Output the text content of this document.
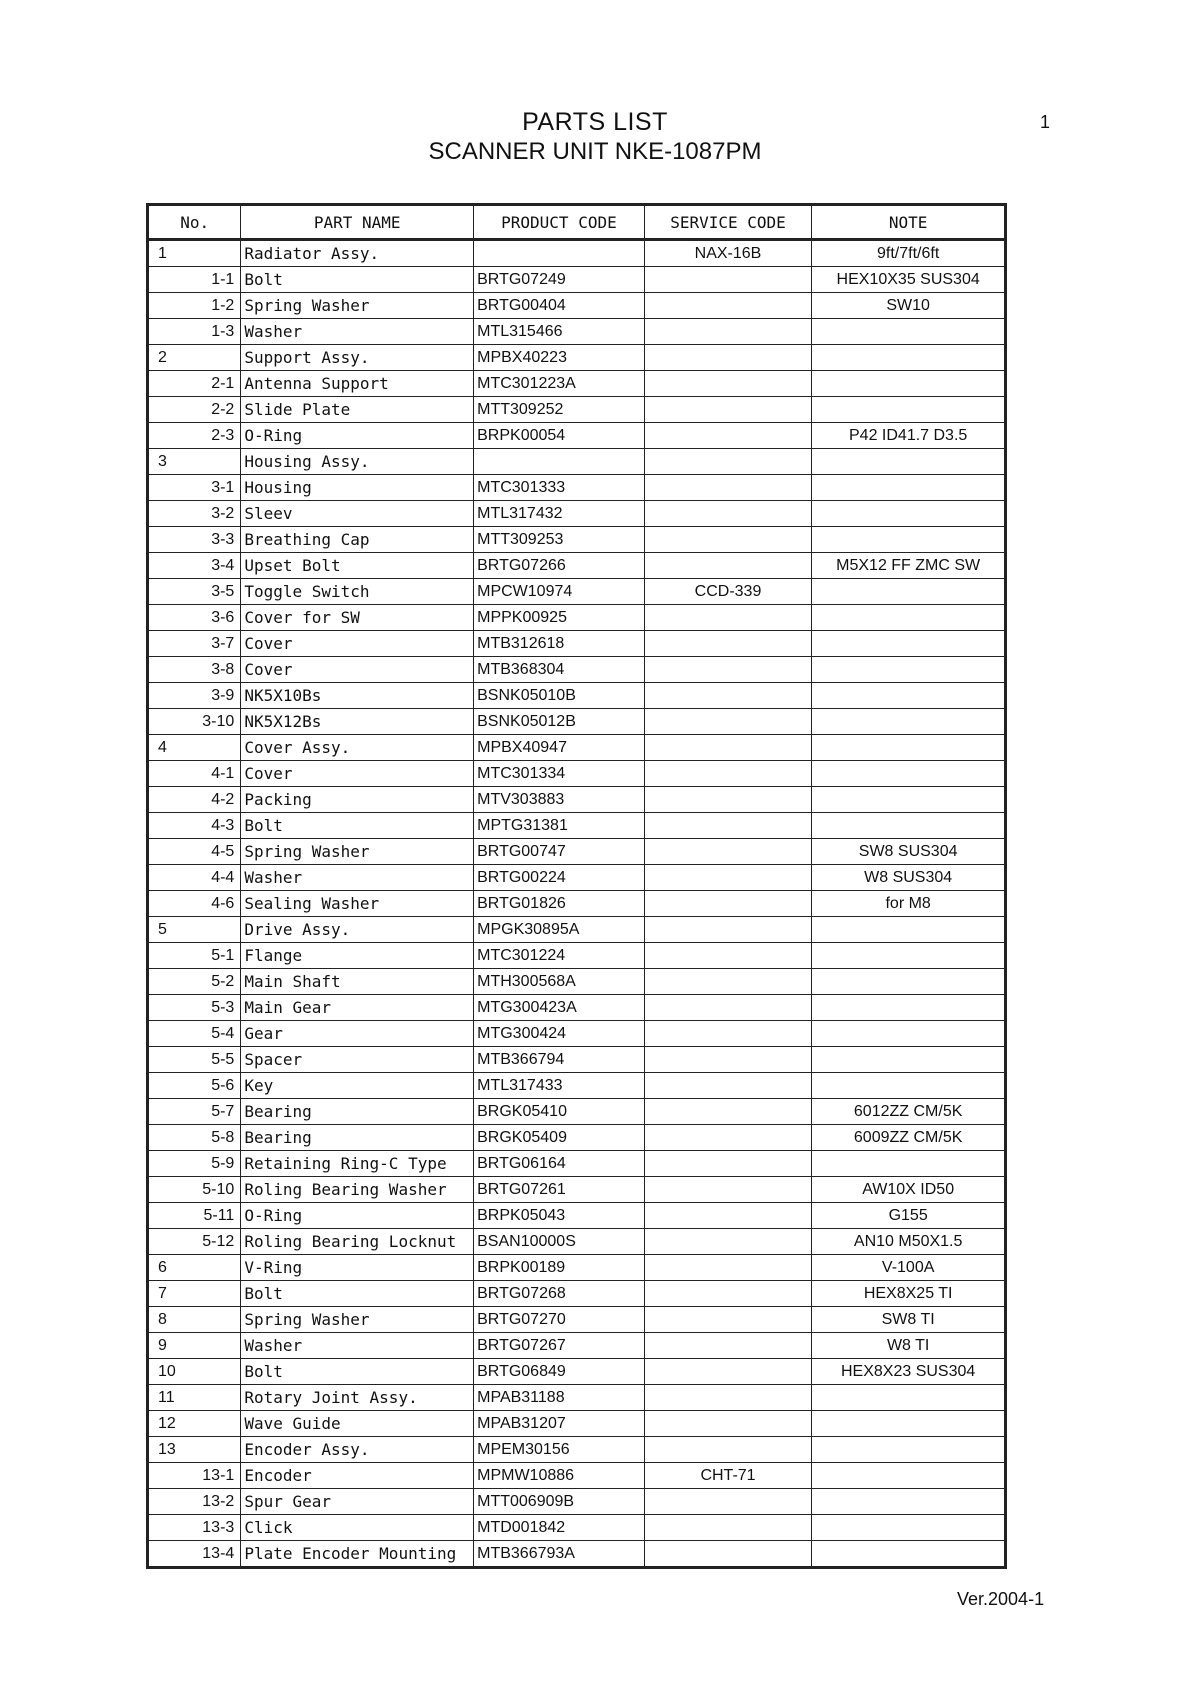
PARTS LIST
SCANNER UNIT NKE-1087PM
1
No.	PART NAME	PRODUCT CODE	SERVICE CODE	NOTE
1	Radiator Assy.		NAX-16B	9ft/7ft/6ft

1-1	Bolt	BRTG07249		HEX10X35 SUS304

1-2	Spring Washer	BRTG00404		SW10

1-3	Washer	MTL315466		
2	Support Assy.	MPBX40223		

2-1	Antenna Support	MTC301223A		

2-2	Slide Plate	MTT309252		

2-3	O-Ring	BRPK00054		P42 ID41.7 D3.5
3	Housing Assy.			

3-1	Housing	MTC301333		

3-2	Sleev	MTL317432		

3-3	Breathing Cap	MTT309253		

3-4	Upset Bolt	BRTG07266		M5X12 FF ZMC SW

3-5	Toggle Switch	MPCW10974	CCD-339	

3-6	Cover for SW	MPPK00925		

3-7	Cover	MTB312618		

3-8	Cover	MTB368304		

3-9	NK5X10Bs	BSNK05010B		

3-10	NK5X12Bs	BSNK05012B		
4	Cover Assy.	MPBX40947		

4-1	Cover	MTC301334		

4-2	Packing	MTV303883		

4-3	Bolt	MPTG31381		

4-5	Spring Washer	BRTG00747		SW8 SUS304

4-4	Washer	BRTG00224		W8 SUS304

4-6	Sealing Washer	BRTG01826		for M8
5	Drive Assy.	MPGK30895A		

5-1	Flange	MTC301224		

5-2	Main Shaft	MTH300568A		

5-3	Main Gear	MTG300423A		

5-4	Gear	MTG300424		

5-5	Spacer	MTB366794		

5-6	Key	MTL317433		

5-7	Bearing	BRGK05410		6012ZZ CM/5K

5-8	Bearing	BRGK05409		6009ZZ CM/5K

5-9	Retaining Ring-C Type	BRTG06164		

5-10	Roling Bearing Washer	BRTG07261		AW10X ID50

5-11	O-Ring	BRPK05043		G155

5-12	Roling Bearing Locknut	BSAN10000S		AN10 M50X1.5
6	V-Ring	BRPK00189		V-100A
7	Bolt	BRTG07268		HEX8X25 TI
8	Spring Washer	BRTG07270		SW8 TI
9	Washer	BRTG07267		W8 TI
10	Bolt	BRTG06849		HEX8X23 SUS304
11	Rotary Joint Assy.	MPAB31188		
12	Wave Guide	MPAB31207		
13	Encoder Assy.	MPEM30156		

13-1	Encoder	MPMW10886	CHT-71	

13-2	Spur Gear	MTT006909B		

13-3	Click	MTD001842		

13-4	Plate Encoder Mounting	MTB366793A		
Ver.2004-1
